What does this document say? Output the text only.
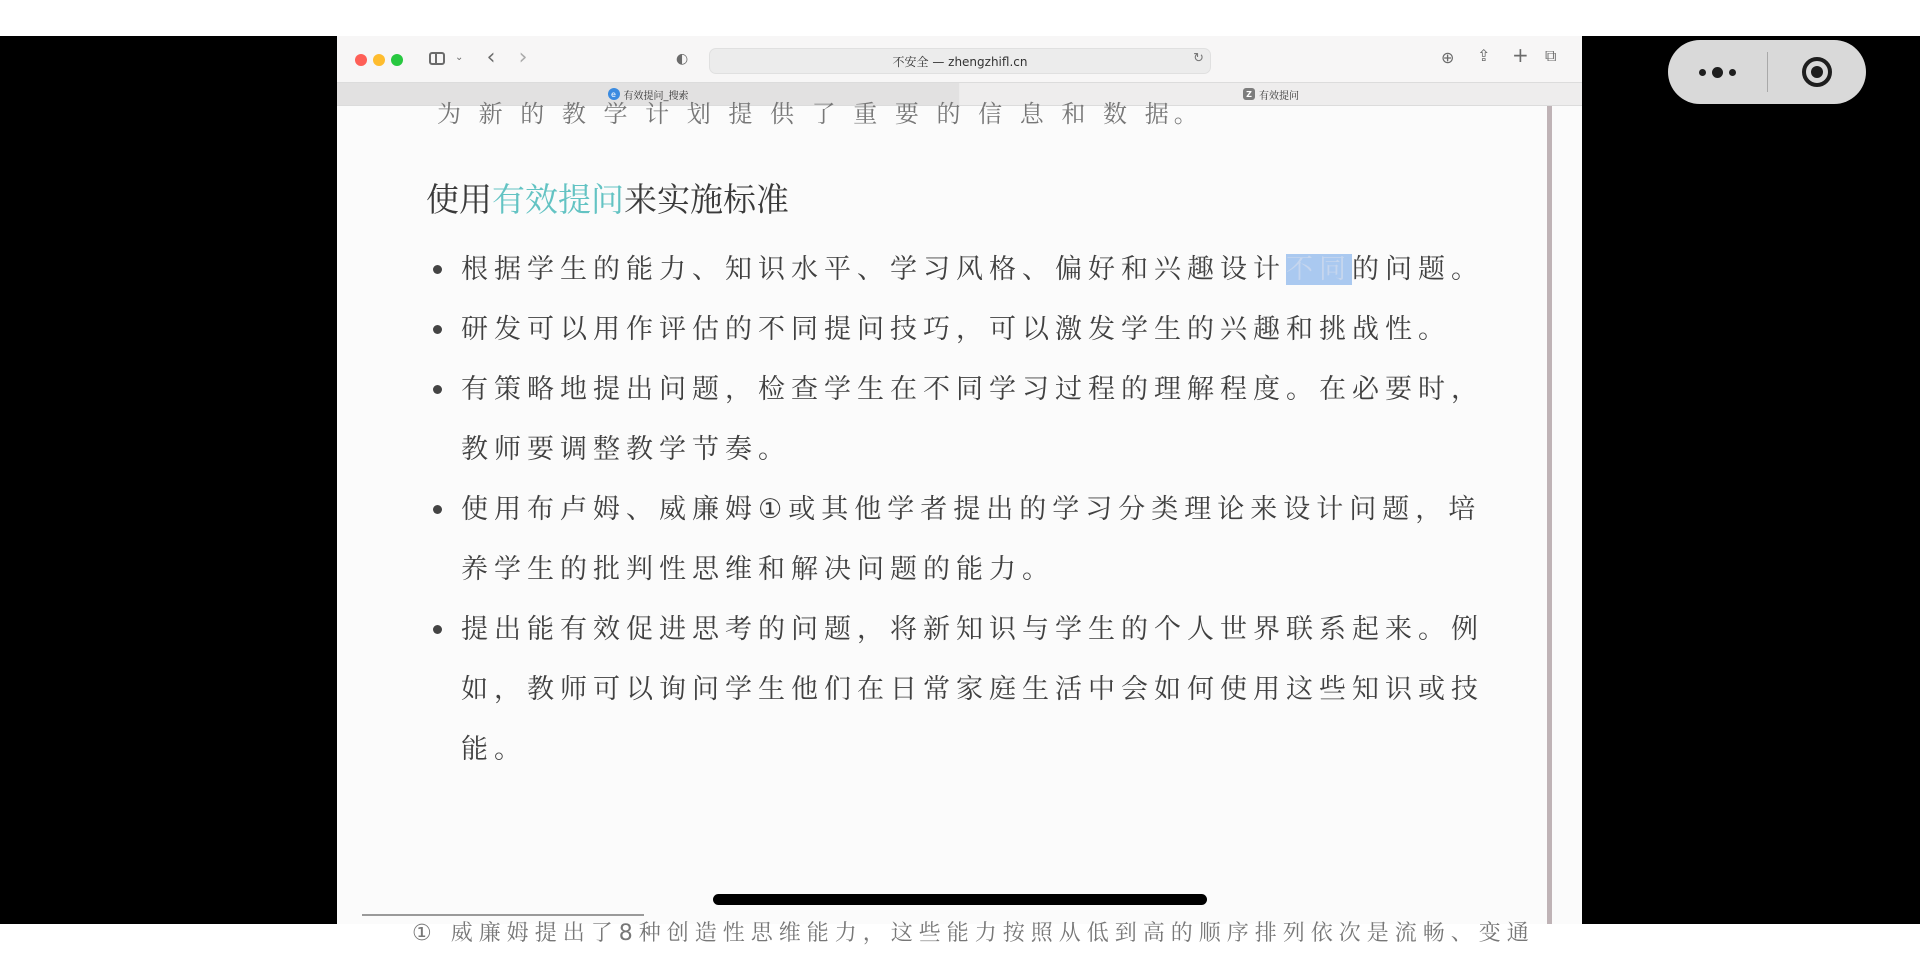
⌄ ‹ ›	◐	不安全 — zhengzhifl.cn	↻	⊕ ⇪ + ⧉
e 有效提问_搜索	Z 有效提问
为 新 的 教 学 计 划 提 供 了 重 要 的 信 息 和 数 据。
使用有效提问来实施标准
根据学生的能力、知识水平、学习风格、偏好和兴趣设计不同的问题。
研发可以用作评估的不同提问技巧，可以激发学生的兴趣和挑战性。
有策略地提出问题，检查学生在不同学习过程的理解程度。在必要时，教师要调整教学节奏。
使用布卢姆、威廉姆①或其他学者提出的学习分类理论来设计问题，培养学生的批判性思维和解决问题的能力。
提出能有效促进思考的问题，将新知识与学生的个人世界联系起来。例如，教师可以询问学生他们在日常家庭生活中会如何使用这些知识或技能。
① 威廉姆提出了8种创造性思维能力，这些能力按照从低到高的顺序排列依次是流畅、变通
